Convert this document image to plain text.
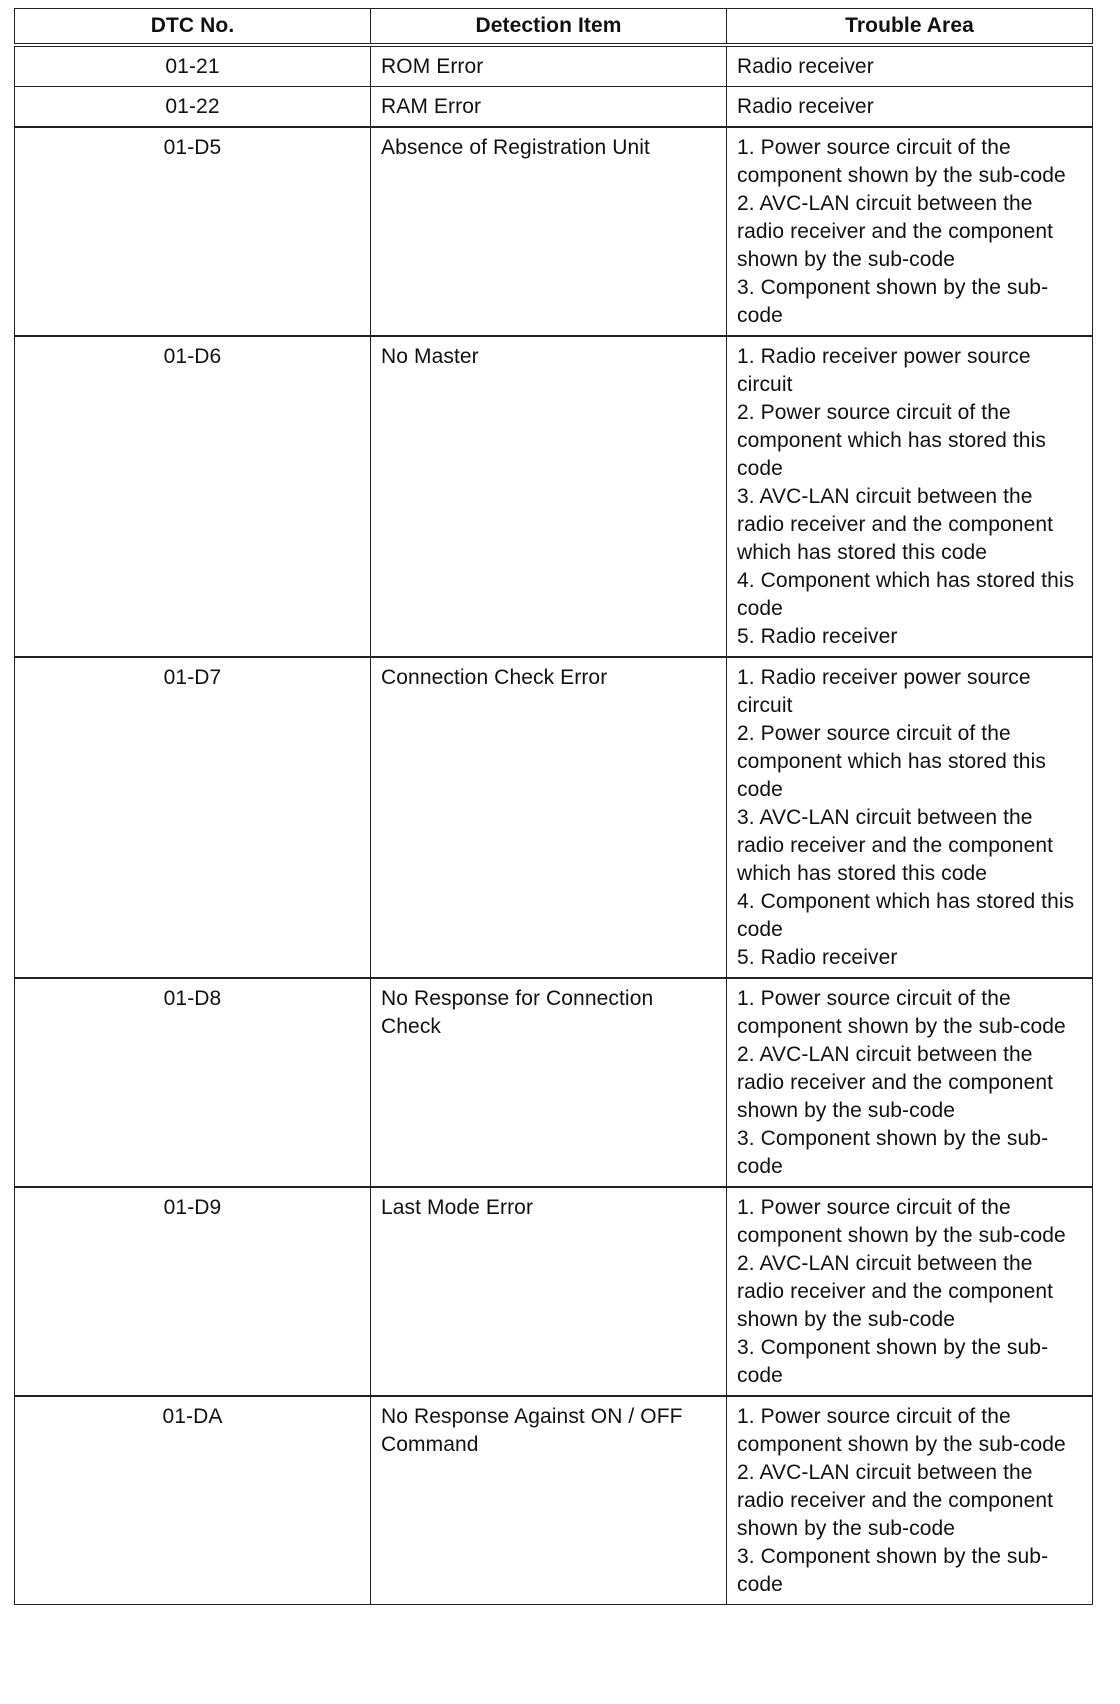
DTC No.	Detection Item	Trouble Area
01-21	ROM Error	Radio receiver

01-22	RAM Error	Radio receiver

01-D5	Absence of Registration Unit	1. Power source circuit of the component shown by the sub-code
2. AVC-LAN circuit between the radio receiver and the component shown by the sub-code
3. Component shown by the sub-code

01-D6	No Master	1. Radio receiver power source circuit
2. Power source circuit of the component which has stored this code
3. AVC-LAN circuit between the radio receiver and the component which has stored this code
4. Component which has stored this code
5. Radio receiver

01-D7	Connection Check Error	1. Radio receiver power source circuit
2. Power source circuit of the component which has stored this code
3. AVC-LAN circuit between the radio receiver and the component which has stored this code
4. Component which has stored this code
5. Radio receiver

01-D8	No Response for Connection Check	1. Power source circuit of the component shown by the sub-code
2. AVC-LAN circuit between the radio receiver and the component shown by the sub-code
3. Component shown by the sub-code

01-D9	Last Mode Error	1. Power source circuit of the component shown by the sub-code
2. AVC-LAN circuit between the radio receiver and the component shown by the sub-code
3. Component shown by the sub-code

01-DA	No Response Against ON / OFF Command	1. Power source circuit of the component shown by the sub-code
2. AVC-LAN circuit between the radio receiver and the component shown by the sub-code
3. Component shown by the sub-code
